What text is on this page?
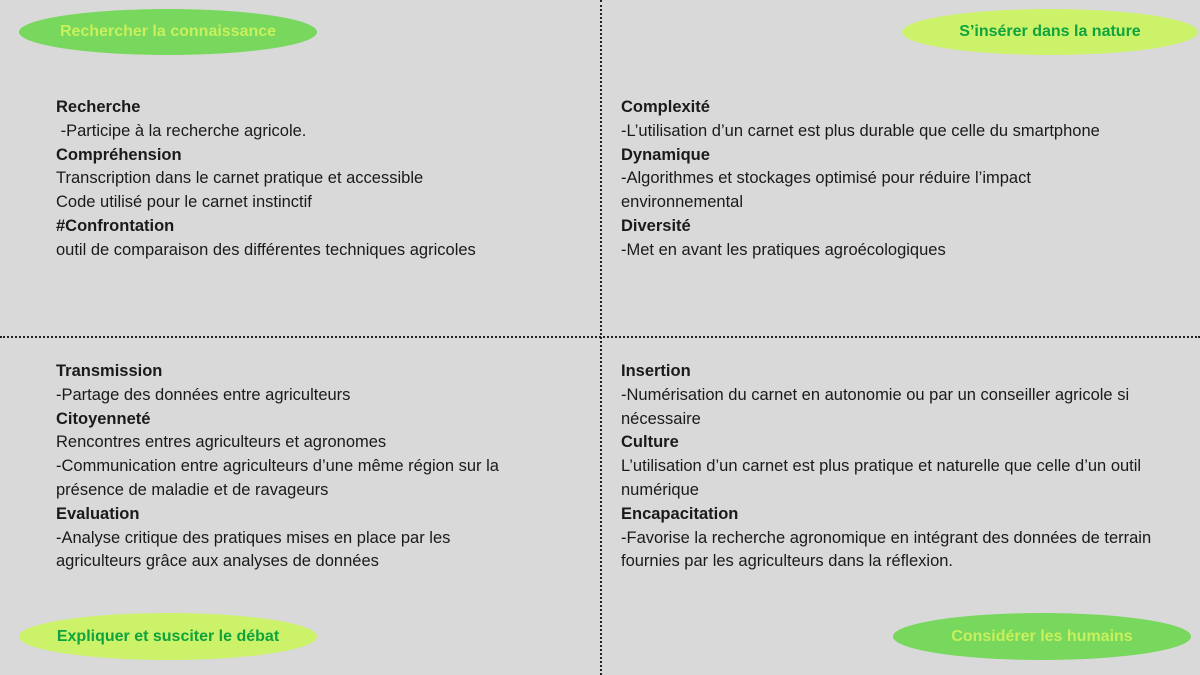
Rechercher la connaissance	S’insérer dans la nature
Expliquer et susciter le débat	Considérer les humains
Recherche
-Participe à la recherche agricole.
Compréhension
Transcription dans le carnet pratique et accessible
Code utilisé pour le carnet instinctif
#Confrontation
outil de comparaison des différentes techniques agricoles
Complexité
-L’utilisation d’un carnet est plus durable que celle du smartphone
Dynamique
-Algorithmes et stockages optimisé pour réduire l’impact environnemental
Diversité
-Met en avant les pratiques agroécologiques
Transmission
-Partage des données entre agriculteurs
Citoyenneté
Rencontres entres agriculteurs et agronomes
-Communication entre agriculteurs d’une même région sur la présence de maladie et de ravageurs
Evaluation
-Analyse critique des pratiques mises en place par les agriculteurs grâce aux analyses de données
Insertion
-Numérisation du carnet en autonomie ou par un conseiller agricole si nécessaire
Culture
L’utilisation d’un carnet est plus pratique et naturelle que celle d’un outil numérique
Encapacitation
-Favorise la recherche agronomique en intégrant des données de terrain fournies par les agriculteurs dans la réflexion.
